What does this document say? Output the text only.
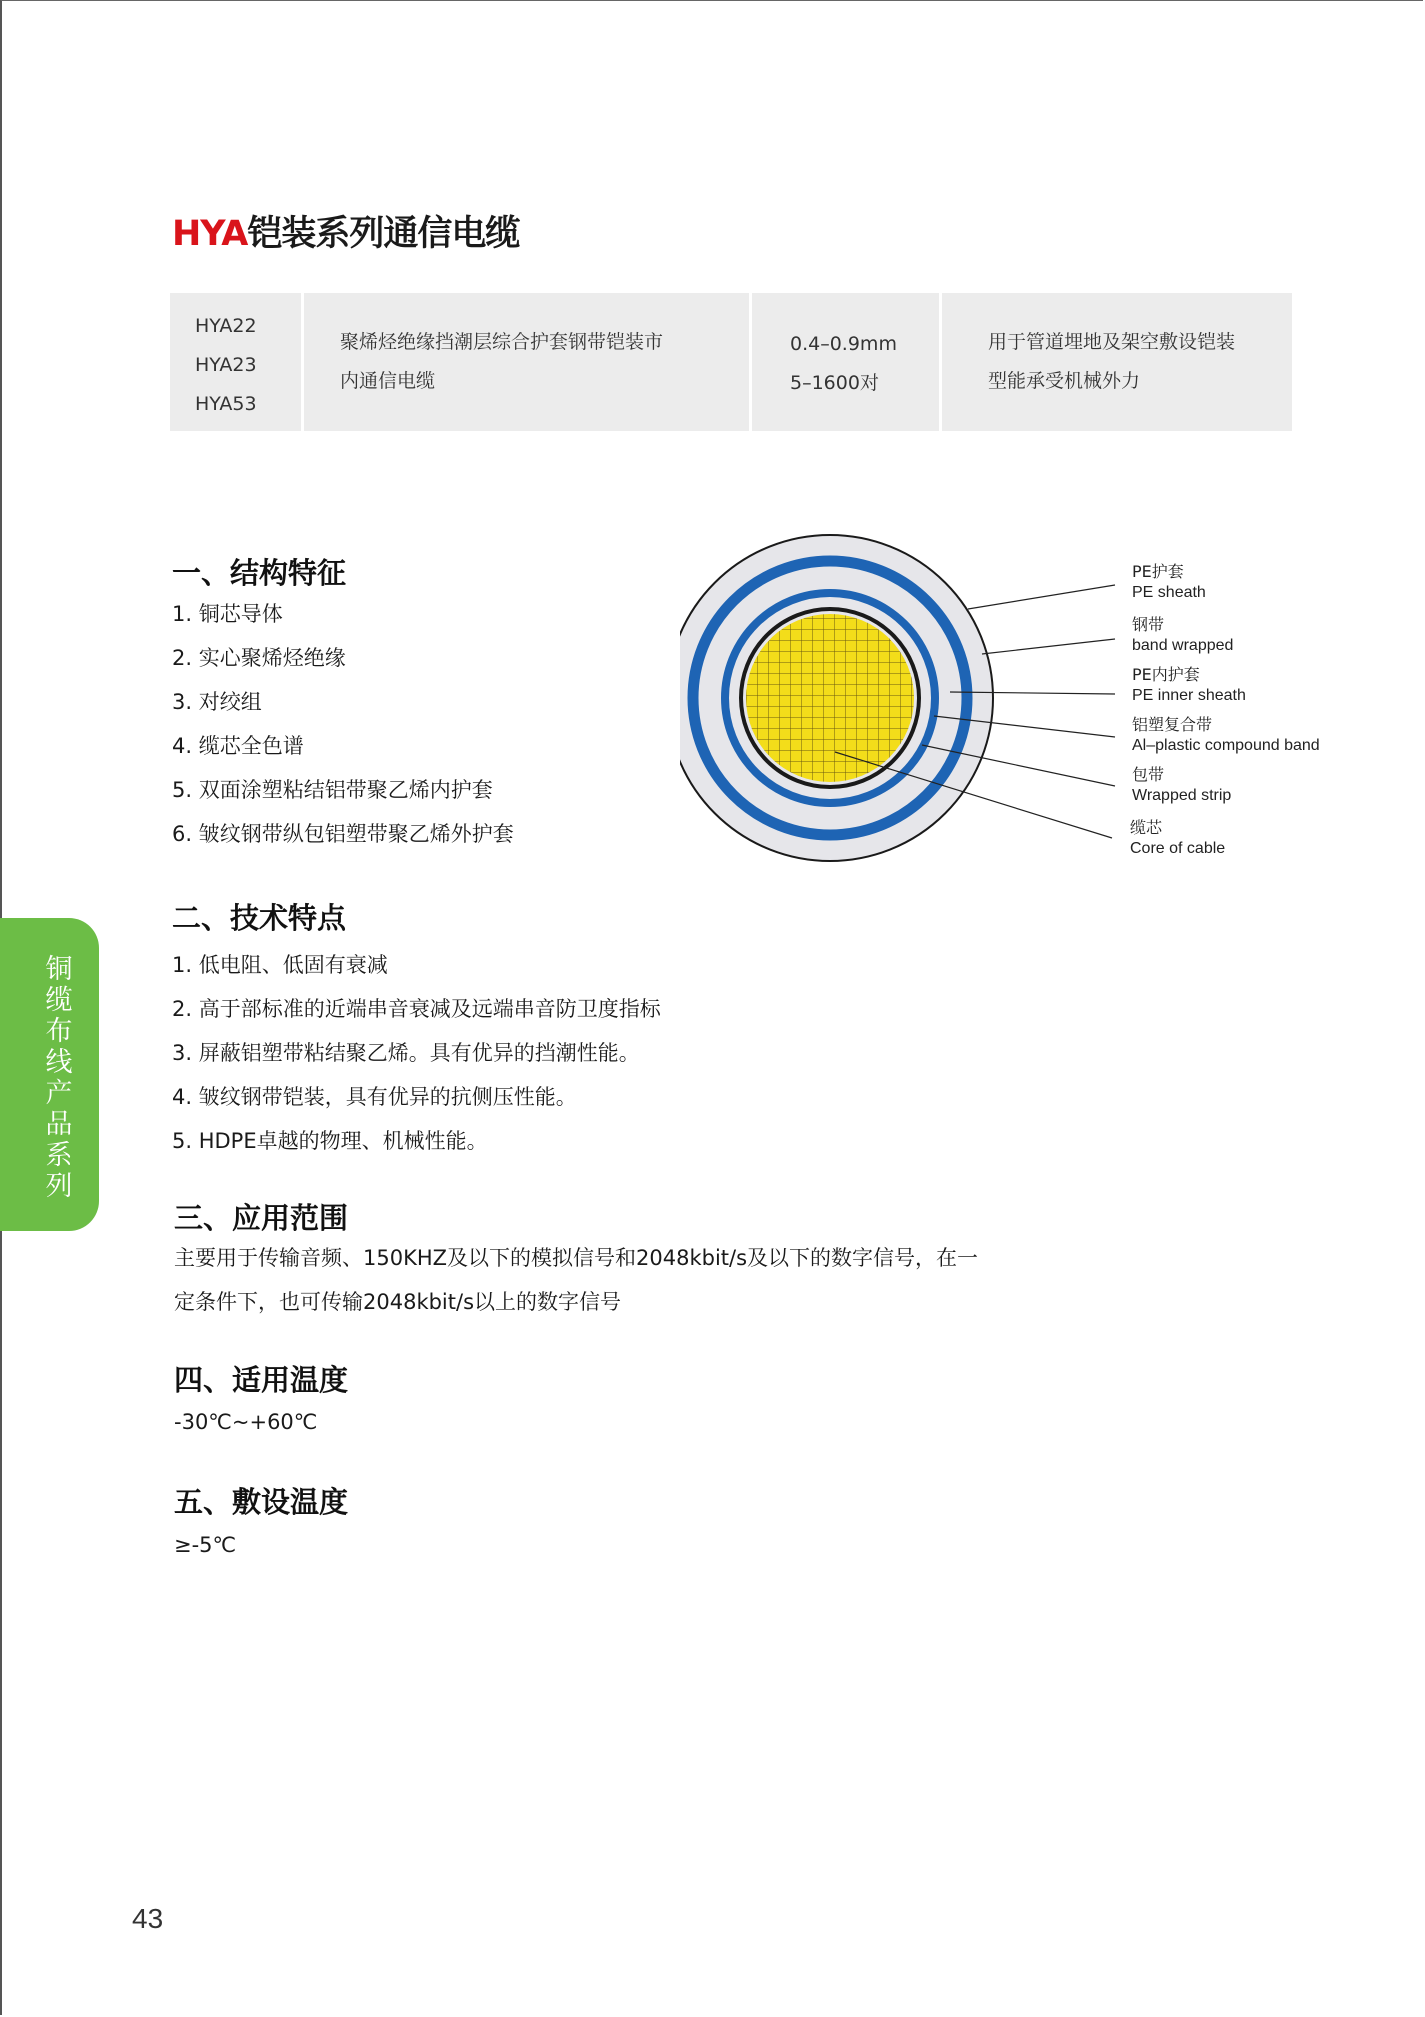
HYA铠装系列通信电缆
HYA22
HYA23
HYA53
聚烯烃绝缘挡潮层综合护套钢带铠装市
内通信电缆
0.4–0.9mm
5–1600对
用于管道埋地及架空敷设铠装
型能承受机械外力
一、结构特征
1. 铜芯导体
2. 实心聚烯烃绝缘
3. 对绞组
4. 缆芯全色谱
5. 双面涂塑粘结铝带聚乙烯内护套
6. 皱纹钢带纵包铝塑带聚乙烯外护套
PE护套
PE sheath
钢带
band wrapped
PE内护套
PE inner sheath
铝塑复合带
Al–plastic compound band
包带
Wrapped strip
缆芯
Core of cable
二、技术特点
1. 低电阻、低固有衰减
2. 高于部标准的近端串音衰减及远端串音防卫度指标
3. 屏蔽铝塑带粘结聚乙烯。具有优异的挡潮性能。
4. 皱纹钢带铠装，具有优异的抗侧压性能。
5. HDPE卓越的物理、机械性能。
三、应用范围
主要用于传输音频、150KHZ及以下的模拟信号和2048kbit/s及以下的数字信号，在一
定条件下，也可传输2048kbit/s以上的数字信号
四、适用温度
-30℃~+60℃
五、敷设温度
≥-5℃
铜缆布线产品系列
43
